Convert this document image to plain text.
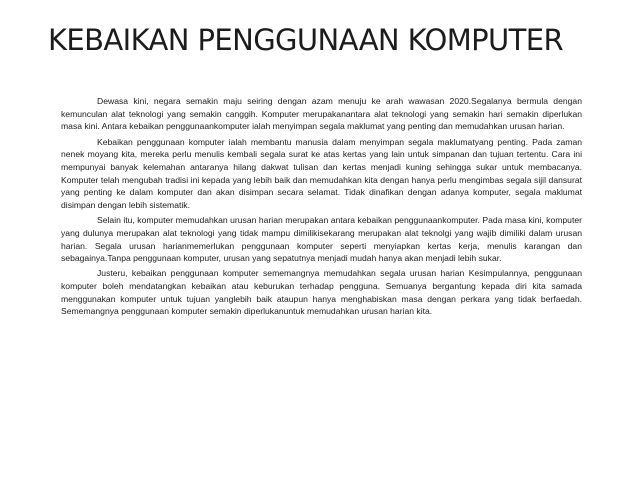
KEBAIKAN PENGGUNAAN KOMPUTER

Dewasa kini, negara semakin maju seiring dengan azam menuju ke arah wawasan 2020.Segalanya bermula dengan kemunculan alat teknologi yang semakin canggih. Komputer merupakanantara alat teknologi yang semakin hari semakin diperlukan masa kini. Antara kebaikan penggunaankomputer ialah menyimpan segala maklumat yang penting dan memudahkan urusan harian.

Kebaikan penggunaan komputer ialah membantu manusia dalam menyimpan segala maklumatyang penting. Pada zaman nenek moyang kita, mereka perlu menulis kembali segala surat ke atas kertas yang lain untuk simpanan dan tujuan tertentu. Cara ini mempunyai banyak kelemahan antaranya hilang dakwat tulisan dan kertas menjadi kuning sehingga sukar untuk membacanya. Komputer telah mengubah tradisi ini kepada yang lebih baik dan memudahkan kita dengan hanya perlu mengimbas segala sijil dansurat yang penting ke dalam komputer dan akan disimpan secara selamat. Tidak dinafikan dengan adanya komputer, segala maklumat disimpan dengan lebih sistematik.

Selain itu, komputer memudahkan urusan harian merupakan antara kebaikan penggunaankomputer. Pada masa kini, komputer yang dulunya merupakan alat teknologi yang tidak mampu dimilikisekarang merupakan alat teknolgi yang wajib dimiliki dalam urusan harian. Segala urusan harianmemerlukan penggunaan komputer seperti menyiapkan kertas kerja, menulis karangan dan sebagainya.Tanpa penggunaan komputer, urusan yang sepatutnya menjadi mudah hanya akan menjadi lebih sukar.

Justeru, kebaikan penggunaan komputer sememangnya memudahkan segala urusan harian Kesimpulannya, penggunaan komputer boleh mendatangkan kebaikan atau keburukan terhadap pengguna. Semuanya bergantung kepada diri kita samada menggunakan komputer untuk tujuan yanglebih baik ataupun hanya menghabiskan masa dengan perkara yang tidak berfaedah. Sememangnya penggunaan komputer semakin diperlukanuntuk memudahkan urusan harian kita.
